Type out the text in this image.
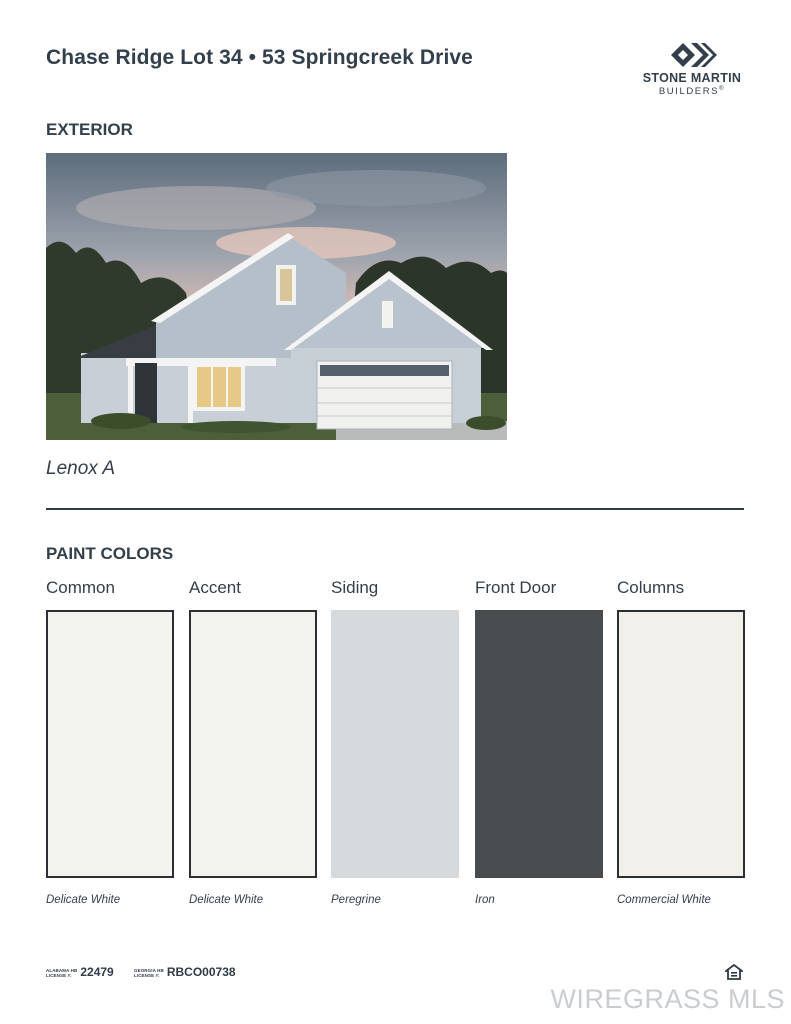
Chase Ridge Lot 34 • 53 Springcreek Drive
STONE MARTIN
BUILDERS®
EXTERIOR
Lenox A
PAINT COLORS
Common
Delicate White
Accent
Delicate White
Siding
Peregrine
Front Door
Iron
Columns
Commercial White
ALABAMA HB
LICENSE #: 22479	GEORGIA HB
LICENSE #: RBCO00738
WIREGRASS MLS
